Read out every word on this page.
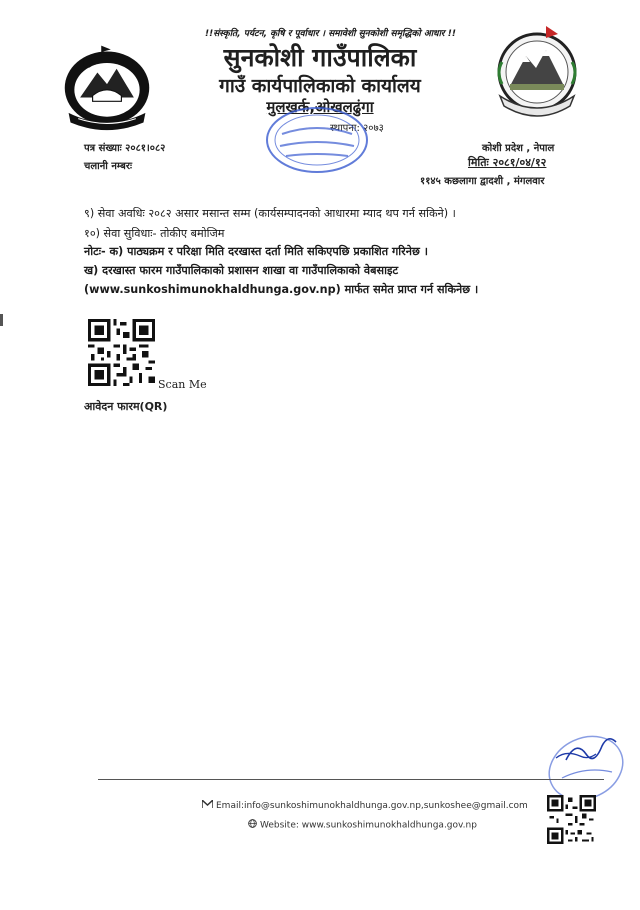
!!संस्कृति, पर्यटन, कृषि र पूर्वाधार । समावेशी सुनकोशी समृद्धिको आधार !!
सुनकोशी गाउँपालिका
गाउँ कार्यपालिकाको कार्यालय
मुलखर्क,ओखलढुंगा
स्थापना: २०७३
पत्र संख्याः २०८१।०८२
चलानी नम्बरः
कोशी प्रदेश , नेपाल
मितिः २०८१/०४/१२
११४५ कछलागा द्वादशी , मंगलवार
९) सेवा अवधिः २०८२ असार मसान्त सम्म (कार्यसम्पादनको आधारमा म्याद थप गर्न सकिने) ।
१०) सेवा सुविधाः- तोकीए बमोजिम
नोटः- क) पाठ्यक्रम र परिक्षा मिति दरखास्त दर्ता मिति सकिएपछि प्रकाशित गरिनेछ ।
ख) दरखास्त फारम गाउँपालिकाको प्रशासन शाखा वा गाउँपालिकाको वेबसाइट
(www.sunkoshimunokhaldhunga.gov.np) मार्फत समेत प्राप्त गर्न सकिनेछ ।
Scan Me
आवेदन फारम(QR)
Email:info@sunkoshimunokhaldhunga.gov.np,sunkoshee@gmail.com
Website: www.sunkoshimunokhaldhunga.gov.np
